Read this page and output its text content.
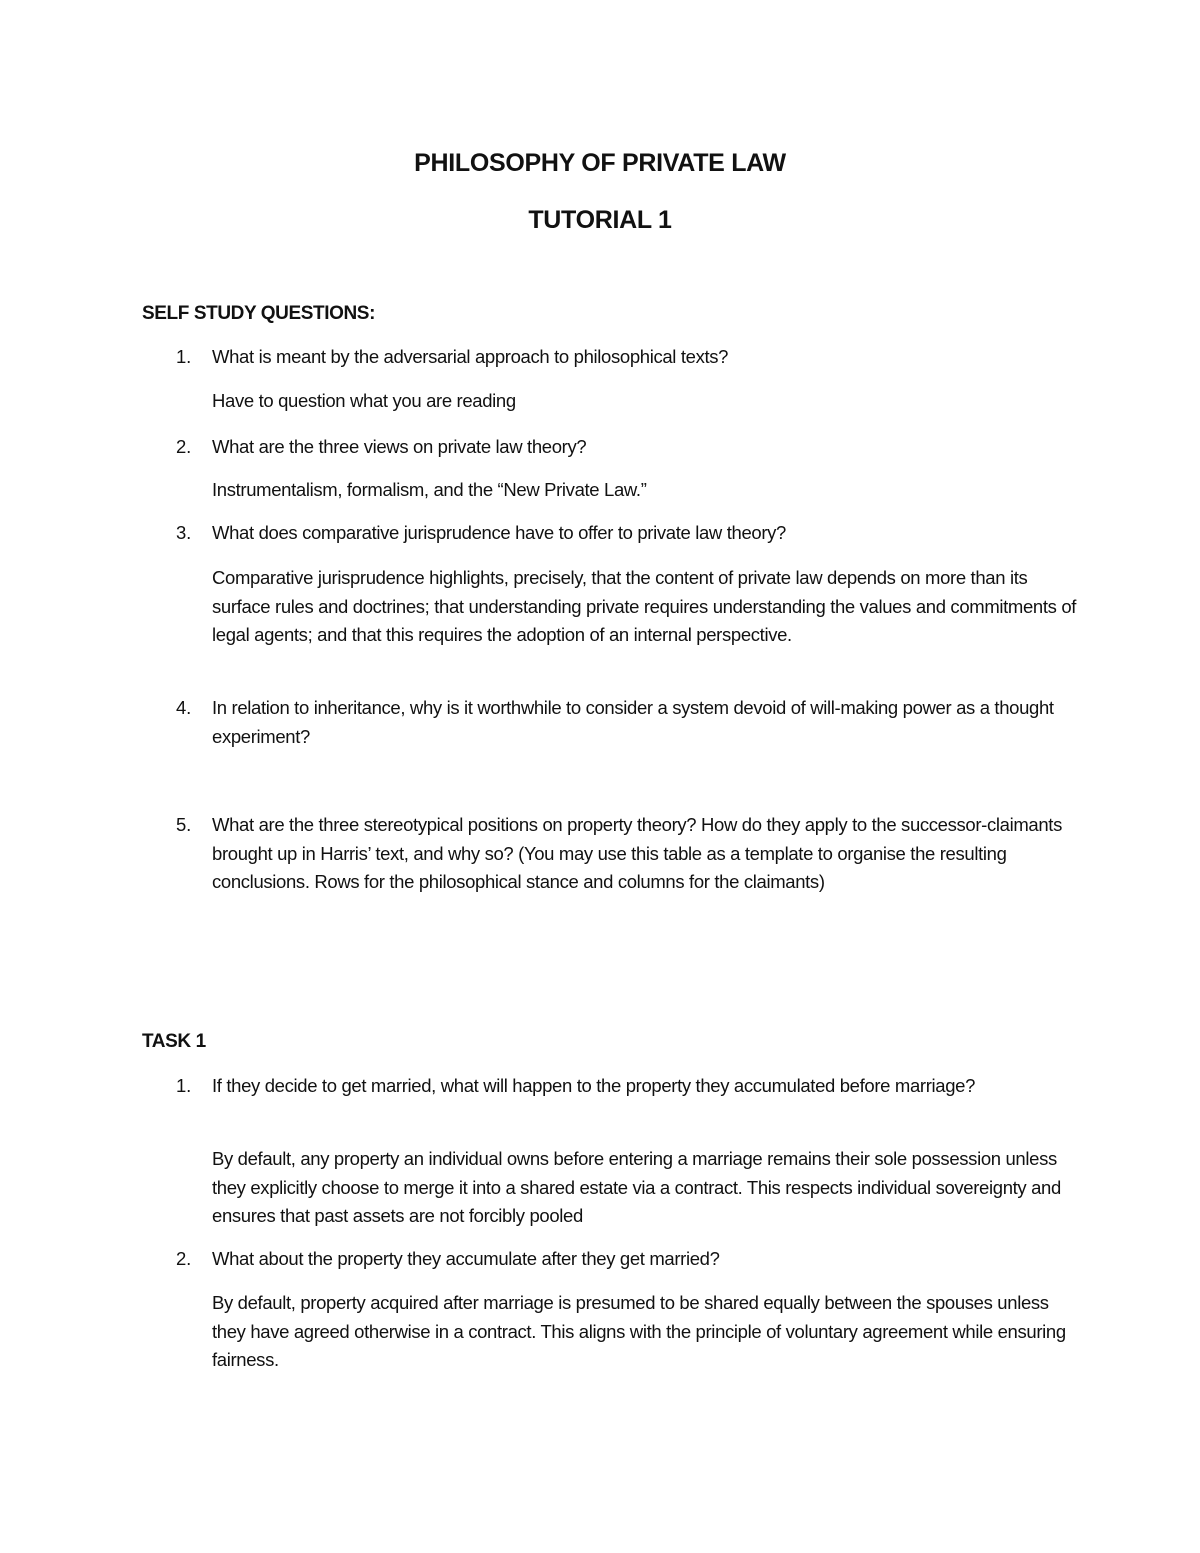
PHILOSOPHY OF PRIVATE LAW
TUTORIAL 1
SELF STUDY QUESTIONS:
1.	What is meant by the adversarial approach to philosophical texts?
Have to question what you are reading
2.	What are the three views on private law theory?
Instrumentalism, formalism, and the “New Private Law.”
3.	What does comparative jurisprudence have to offer to private law theory?
Comparative jurisprudence highlights, precisely, that the content of private law depends on more than its surface rules and doctrines; that understanding private requires understanding the values and commitments of legal agents; and that this requires the adoption of an internal perspective.
4.	In relation to inheritance, why is it worthwhile to consider a system devoid of will-making power as a thought experiment?
5.	What are the three stereotypical positions on property theory? How do they apply to the successor-claimants brought up in Harris’ text, and why so? (You may use this table as a template to organise the resulting conclusions. Rows for the philosophical stance and columns for the claimants)
TASK 1
1.	If they decide to get married, what will happen to the property they accumulated before marriage?
By default, any property an individual owns before entering a marriage remains their sole possession unless they explicitly choose to merge it into a shared estate via a contract. This respects individual sovereignty and ensures that past assets are not forcibly pooled
2.	What about the property they accumulate after they get married?
By default, property acquired after marriage is presumed to be shared equally between the spouses unless they have agreed otherwise in a contract. This aligns with the principle of voluntary agreement while ensuring fairness.
